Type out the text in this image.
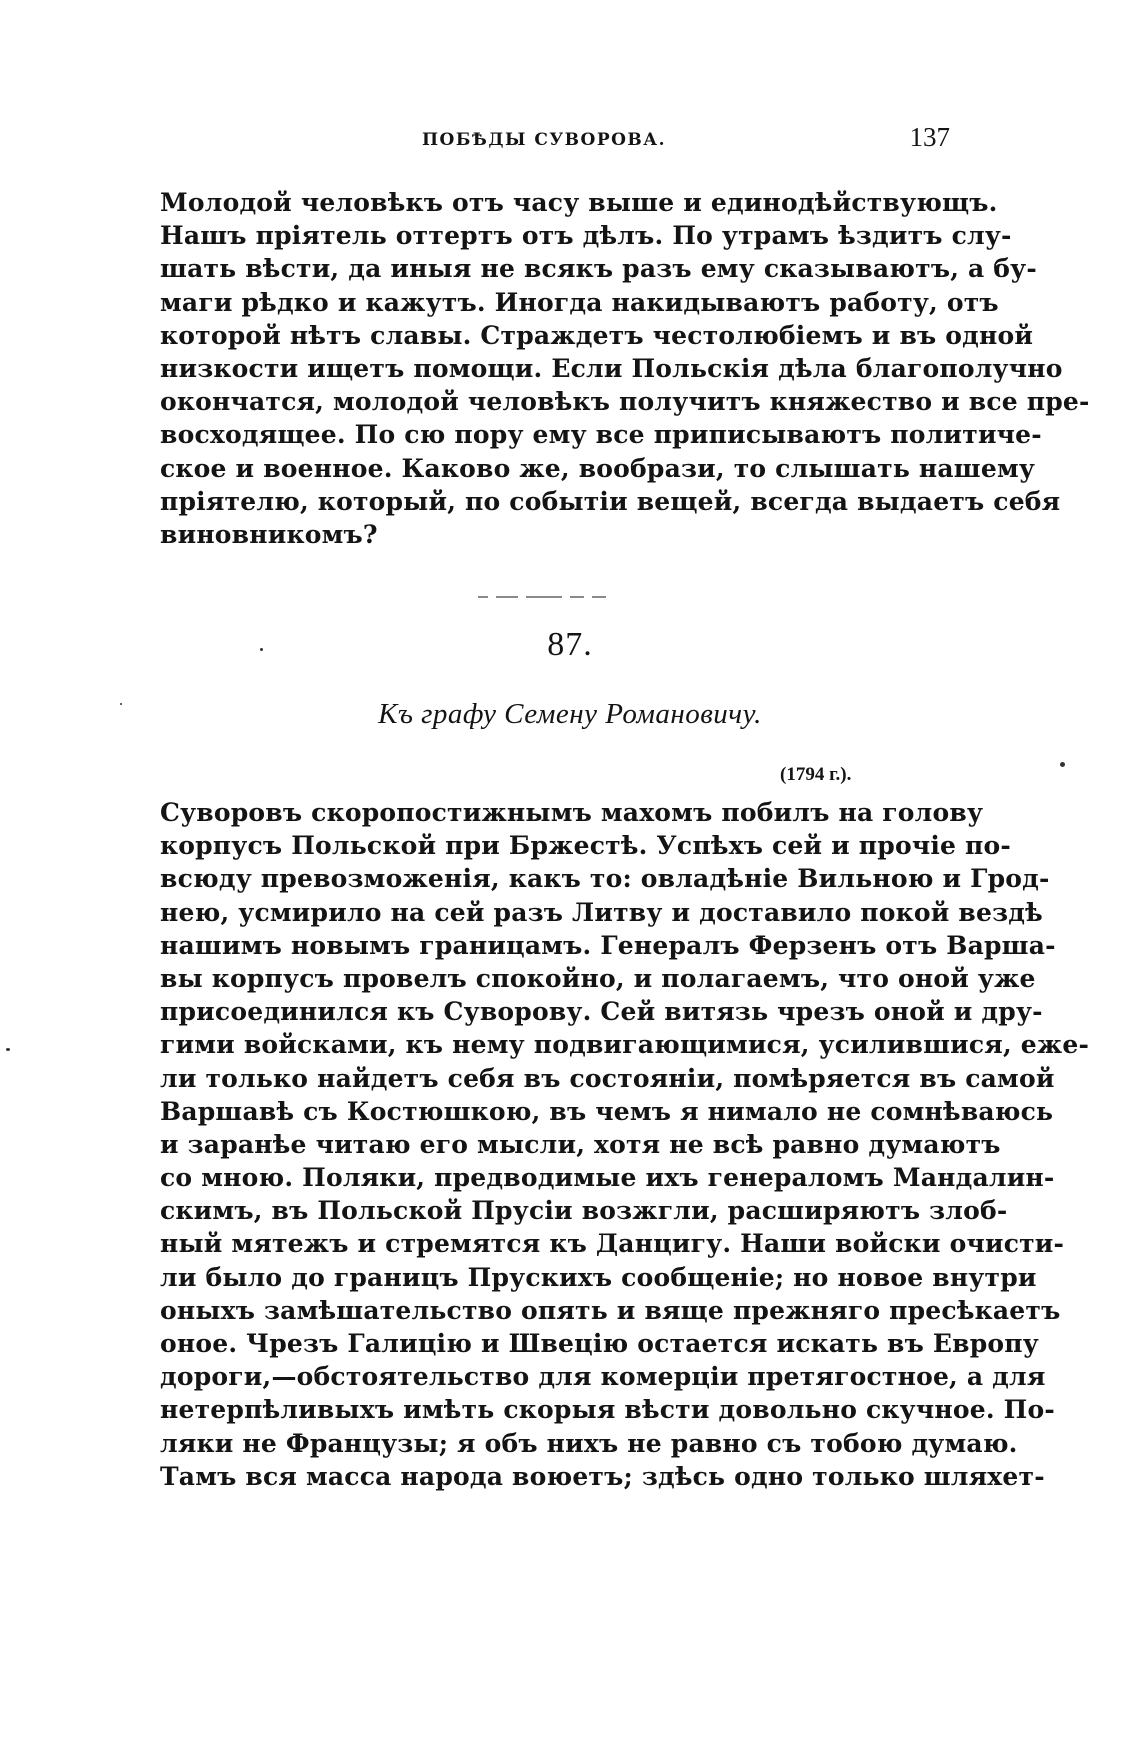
ПОБѢДЫ СУВОРОВА.	137
Молодой человѣкъ отъ часу выше и единодѣйствующъ.
Нашъ пріятель оттертъ отъ дѣлъ. По утрамъ ѣздитъ слу-
шать вѣсти, да иныя не всякъ разъ ему сказываютъ, а бу-
маги рѣдко и кажутъ. Иногда накидываютъ работу, отъ
которой нѣтъ славы. Страждетъ честолюбіемъ и въ одной
низкости ищетъ помощи. Если Польскія дѣла благополучно
окончатся, молодой человѣкъ получитъ княжество и все пре-
восходящее. По сю пору ему все приписываютъ политиче-
ское и военное. Каково же, вообрази, то слышать нашему
пріятелю, который, по событіи вещей, всегда выдаетъ себя
виновникомъ?
87.
Къ графу Семену Романовичу.
(1794 г.).
Суворовъ скоропостижнымъ махомъ побилъ на голову
корпусъ Польской при Бржестѣ. Успѣхъ сей и прочіе по-
всюду превозможенія, какъ то: овладѣніе Вильною и Грод-
нею, усмирило на сей разъ Литву и доставило покой вездѣ
нашимъ новымъ границамъ. Генералъ Ферзенъ отъ Варша-
вы корпусъ провелъ спокойно, и полагаемъ, что оной уже
присоединился къ Суворову. Сей витязь чрезъ оной и дру-
гими войсками, къ нему подвигающимися, усилившися, еже-
ли только найдетъ себя въ состояніи, помѣряется въ самой
Варшавѣ съ Костюшкою, въ чемъ я нимало не сомнѣваюсь
и заранѣе читаю его мысли, хотя не всѣ равно думаютъ
со мною. Поляки, предводимые ихъ генераломъ Мандалин-
скимъ, въ Польской Прусіи возжгли, расширяютъ злоб-
ный мятежъ и стремятся къ Данцигу. Наши войски очисти-
ли было до границъ Прускихъ сообщеніе; но новое внутри
оныхъ замѣшательство опять и вяще прежняго пресѣкаетъ
оное. Чрезъ Галицію и Швецію остается искать въ Европу
дороги,—обстоятельство для комерціи претягостное, а для
нетерпѣливыхъ имѣть скорыя вѣсти довольно скучное. По-
ляки не Французы; я объ нихъ не равно съ тобою думаю.
Тамъ вся масса народа воюетъ; здѣсь одно только шляхет-
